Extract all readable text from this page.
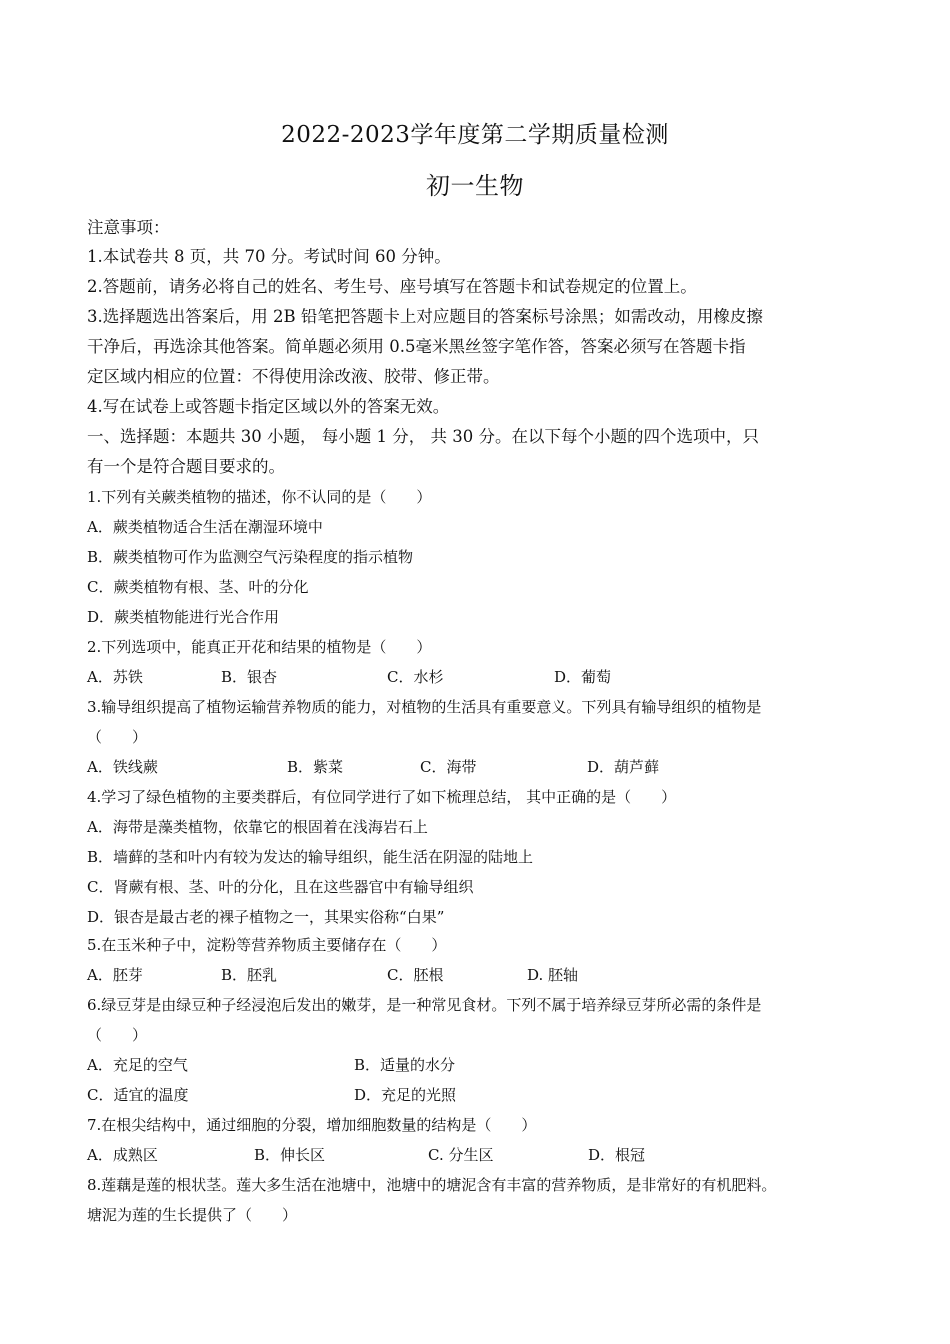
2022-2023学年度第二学期质量检测
初一生物
注意事项：
1.本试卷共 8 页，共 70 分。考试时间 60 分钟。
2.答题前，请务必将自己的姓名、考生号、座号填写在答题卡和试卷规定的位置上。
3.选择题选出答案后，用 2B 铅笔把答题卡上对应题目的答案标号涂黑；如需改动，用橡皮擦
干净后，再选涂其他答案。简单题必须用 0.5毫米黑丝签字笔作答，答案必须写在答题卡指
定区域内相应的位置：不得使用涂改液、胶带、修正带。
4.写在试卷上或答题卡指定区域以外的答案无效。
一、选择题：本题共 30 小题， 每小题 1 分， 共 30 分。在以下每个小题的四个选项中，只
有一个是符合题目要求的。
1.下列有关蕨类植物的描述，你不认同的是（　　）
A．蕨类植物适合生活在潮湿环境中
B．蕨类植物可作为监测空气污染程度的指示植物
C．蕨类植物有根、茎、叶的分化
D．蕨类植物能进行光合作用
2.下列选项中，能真正开花和结果的植物是（　　）
A．苏铁	B．银杏	C．水杉	D．葡萄
3.输导组织提高了植物运输营养物质的能力，对植物的生活具有重要意义。下列具有输导组织的植物是
（　　）
A．铁线蕨	B．紫菜	C．海带	D．葫芦藓
4.学习了绿色植物的主要类群后，有位同学进行了如下梳理总结， 其中正确的是（　　）
A．海带是藻类植物，依靠它的根固着在浅海岩石上
B．墙藓的茎和叶内有较为发达的输导组织，能生活在阴湿的陆地上
C．肾蕨有根、茎、叶的分化，且在这些器官中有输导组织
D．银杏是最古老的裸子植物之一，其果实俗称“白果”
5.在玉米种子中，淀粉等营养物质主要储存在（　　）
A．胚芽	B．胚乳	C．胚根	D. 胚轴
6.绿豆芽是由绿豆种子经浸泡后发出的嫩芽，是一种常见食材。下列不属于培养绿豆芽所必需的条件是
（　　）
A．充足的空气	B．适量的水分
C．适宜的温度	D．充足的光照
7.在根尖结构中，通过细胞的分裂，增加细胞数量的结构是（　　）
A．成熟区	B．伸长区	C. 分生区	D．根冠
8.莲藕是莲的根状茎。莲大多生活在池塘中，池塘中的塘泥含有丰富的营养物质，是非常好的有机肥料。
塘泥为莲的生长提供了（　　）
